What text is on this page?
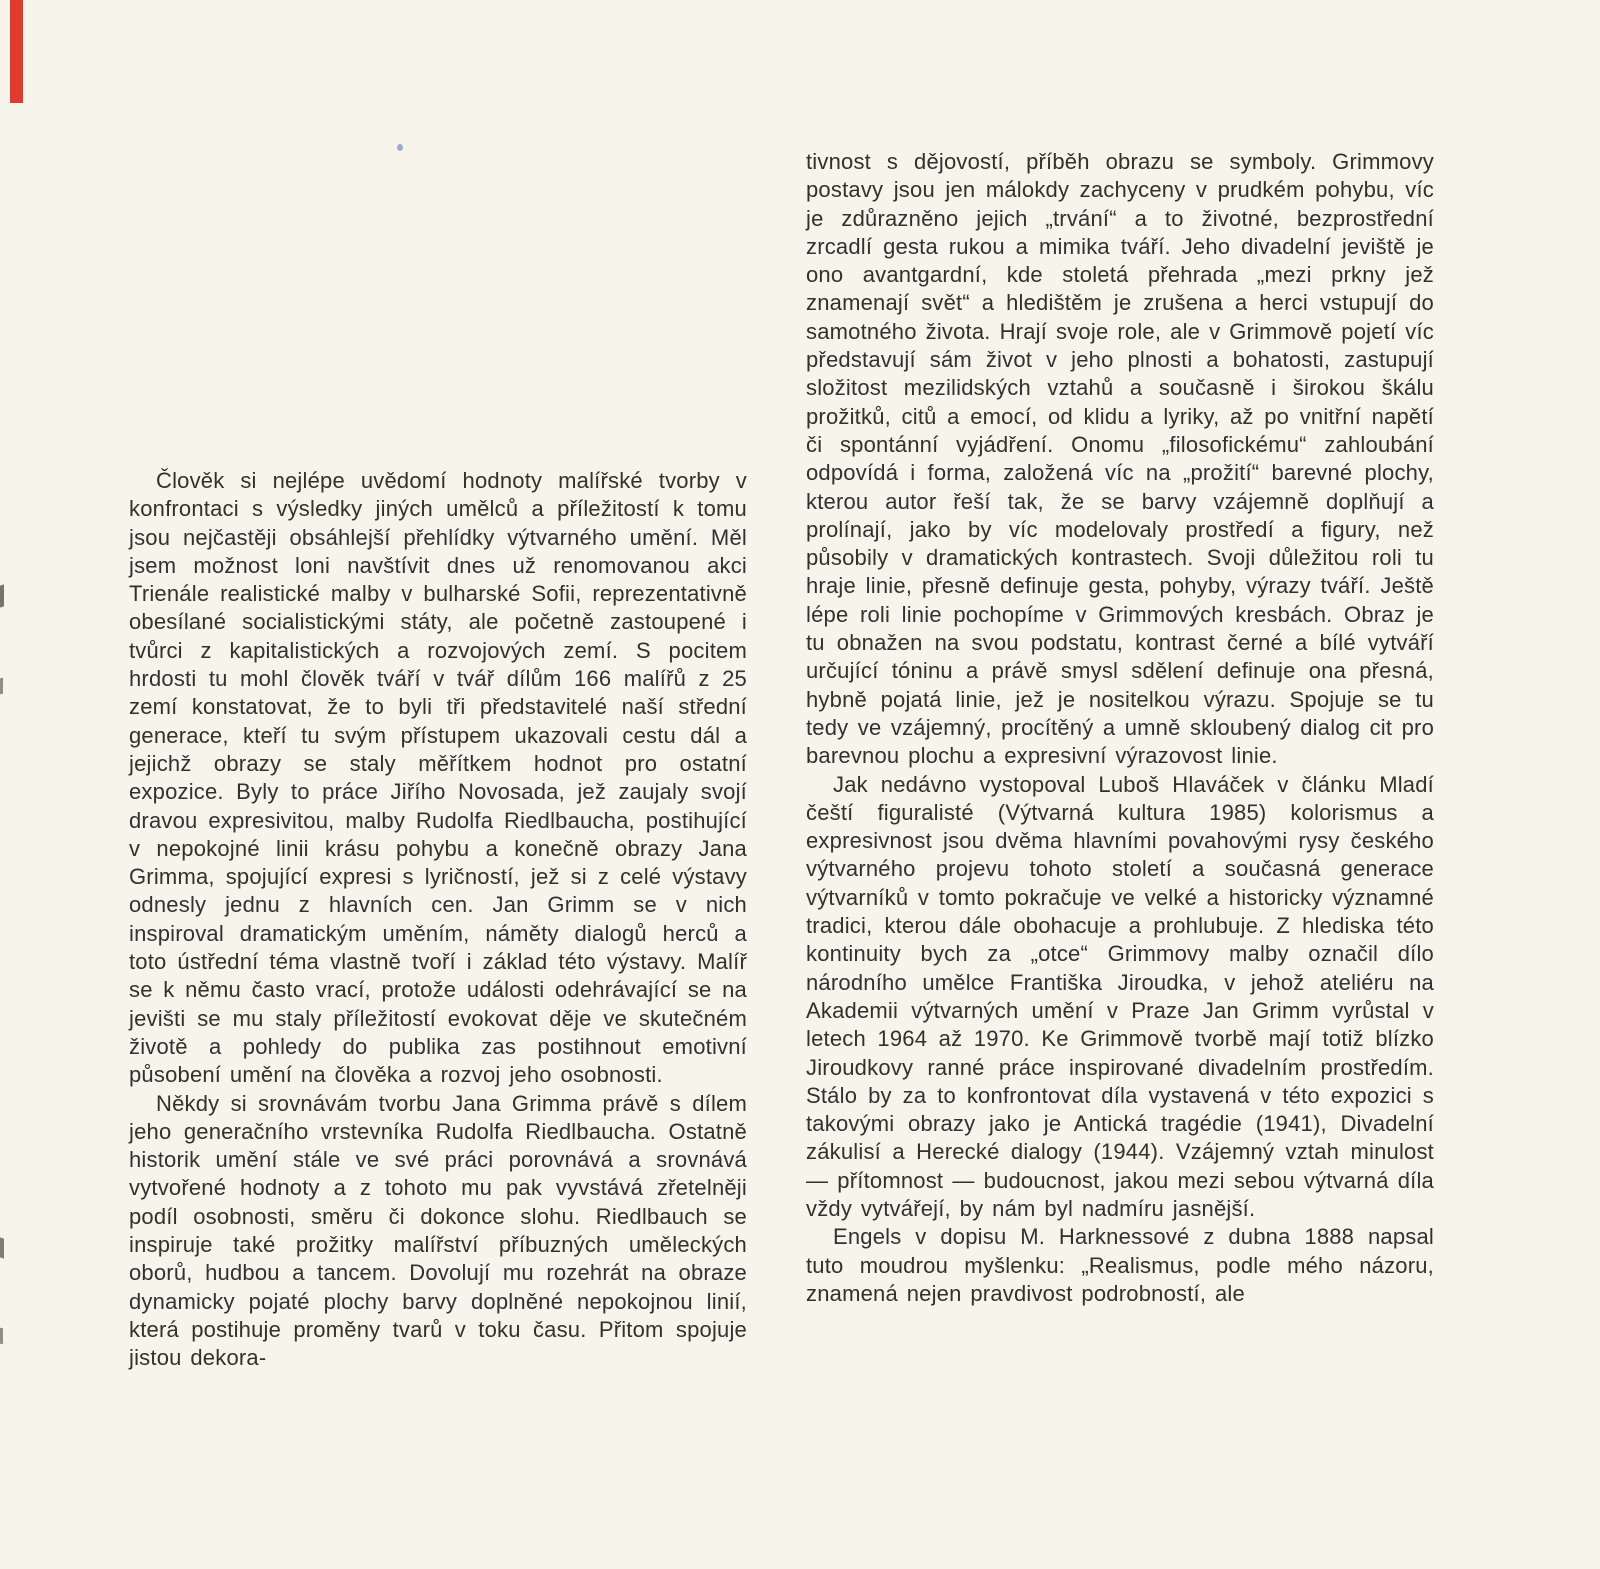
Člověk si nejlépe uvědomí hodnoty malířské tvorby v konfrontaci s výsledky jiných umělců a příležitostí k tomu jsou nejčastěji obsáhlejší přehlídky výtvarného umění. Měl jsem možnost loni navštívit dnes už renomovanou akci Trienále realistické malby v bulharské Sofii, reprezentativně obesílané socialistickými státy, ale početně zastoupené i tvůrci z kapitalistických a rozvojových zemí. S pocitem hrdosti tu mohl člověk tváří v tvář dílům 166 malířů z 25 zemí konstatovat, že to byli tři představitelé naší střední generace, kteří tu svým přístupem ukazovali cestu dál a jejichž obrazy se staly měřítkem hodnot pro ostatní expozice. Byly to práce Jiřího Novosada, jež zaujaly svojí dravou expresivitou, malby Rudolfa Riedlbaucha, postihující v nepokojné linii krásu pohybu a konečně obrazy Jana Grimma, spojující expresi s lyričností, jež si z celé výstavy odnesly jednu z hlavních cen. Jan Grimm se v nich inspiroval dramatickým uměním, náměty dialogů herců a toto ústřední téma vlastně tvoří i základ této výstavy. Malíř se k němu často vrací, protože události odehrávající se na jevišti se mu staly příležitostí evokovat děje ve skutečném životě a pohledy do publika zas postihnout emotivní působení umění na člověka a rozvoj jeho osobnosti.

Někdy si srovnávám tvorbu Jana Grimma právě s dílem jeho generačního vrstevníka Rudolfa Riedlbaucha. Ostatně historik umění stále ve své práci porovnává a srovnává vytvořené hodnoty a z tohoto mu pak vyvstává zřetelněji podíl osobnosti, směru či dokonce slohu. Riedlbauch se inspiruje také prožitky malířství příbuzných uměleckých oborů, hudbou a tancem. Dovolují mu rozehrát na obraze dynamicky pojaté plochy barvy doplněné nepokojnou linií, která postihuje proměny tvarů v toku času. Přitom spojuje jistou dekora-

tivnost s dějovostí, příběh obrazu se symboly. Grimmovy postavy jsou jen málokdy zachyceny v prudkém pohybu, víc je zdůrazněno jejich „trvání“ a to životné, bezprostřední zrcadlí gesta rukou a mimika tváří. Jeho divadelní jeviště je ono avantgardní, kde stoletá přehrada „mezi prkny jež znamenají svět“ a hledištěm je zrušena a herci vstupují do samotného života. Hrají svoje role, ale v Grimmově pojetí víc představují sám život v jeho plnosti a bohatosti, zastupují složitost mezilidských vztahů a současně i širokou škálu prožitků, citů a emocí, od klidu a lyriky, až po vnitřní napětí či spontánní vyjádření. Onomu „filosofickému“ zahloubání odpovídá i forma, založená víc na „prožití“ barevné plochy, kterou autor řeší tak, že se barvy vzájemně doplňují a prolínají, jako by víc modelovaly prostředí a figury, než působily v dramatických kontrastech. Svoji důležitou roli tu hraje linie, přesně definuje gesta, pohyby, výrazy tváří. Ještě lépe roli linie pochopíme v Grimmových kresbách. Obraz je tu obnažen na svou podstatu, kontrast černé a bílé vytváří určující tóninu a právě smysl sdělení definuje ona přesná, hybně pojatá linie, jež je nositelkou výrazu. Spojuje se tu tedy ve vzájemný, procítěný a umně skloubený dialog cit pro barevnou plochu a expresivní výrazovost linie.

Jak nedávno vystopoval Luboš Hlaváček v článku Mladí čeští figuralisté (Výtvarná kultura 1985) kolorismus a expresivnost jsou dvěma hlavními povahovými rysy českého výtvarného projevu tohoto století a současná generace výtvarníků v tomto pokračuje ve velké a historicky významné tradici, kterou dále obohacuje a prohlubuje. Z hlediska této kontinuity bych za „otce“ Grimmovy malby označil dílo národního umělce Františka Jiroudka, v jehož ateliéru na Akademii výtvarných umění v Praze Jan Grimm vyrůstal v letech 1964 až 1970. Ke Grimmově tvorbě mají totiž blízko Jiroudkovy ranné práce inspirované divadelním prostředím. Stálo by za to konfrontovat díla vystavená v této expozici s takovými obrazy jako je Antická tragédie (1941), Divadelní zákulisí a Herecké dialogy (1944). Vzájemný vztah minulost — přítomnost — budoucnost, jakou mezi sebou výtvarná díla vždy vytvářejí, by nám byl nadmíru jasnější.

Engels v dopisu M. Harknessové z dubna 1888 napsal tuto moudrou myšlenku: „Realismus, podle mého názoru, znamená nejen pravdivost podrobností, ale
